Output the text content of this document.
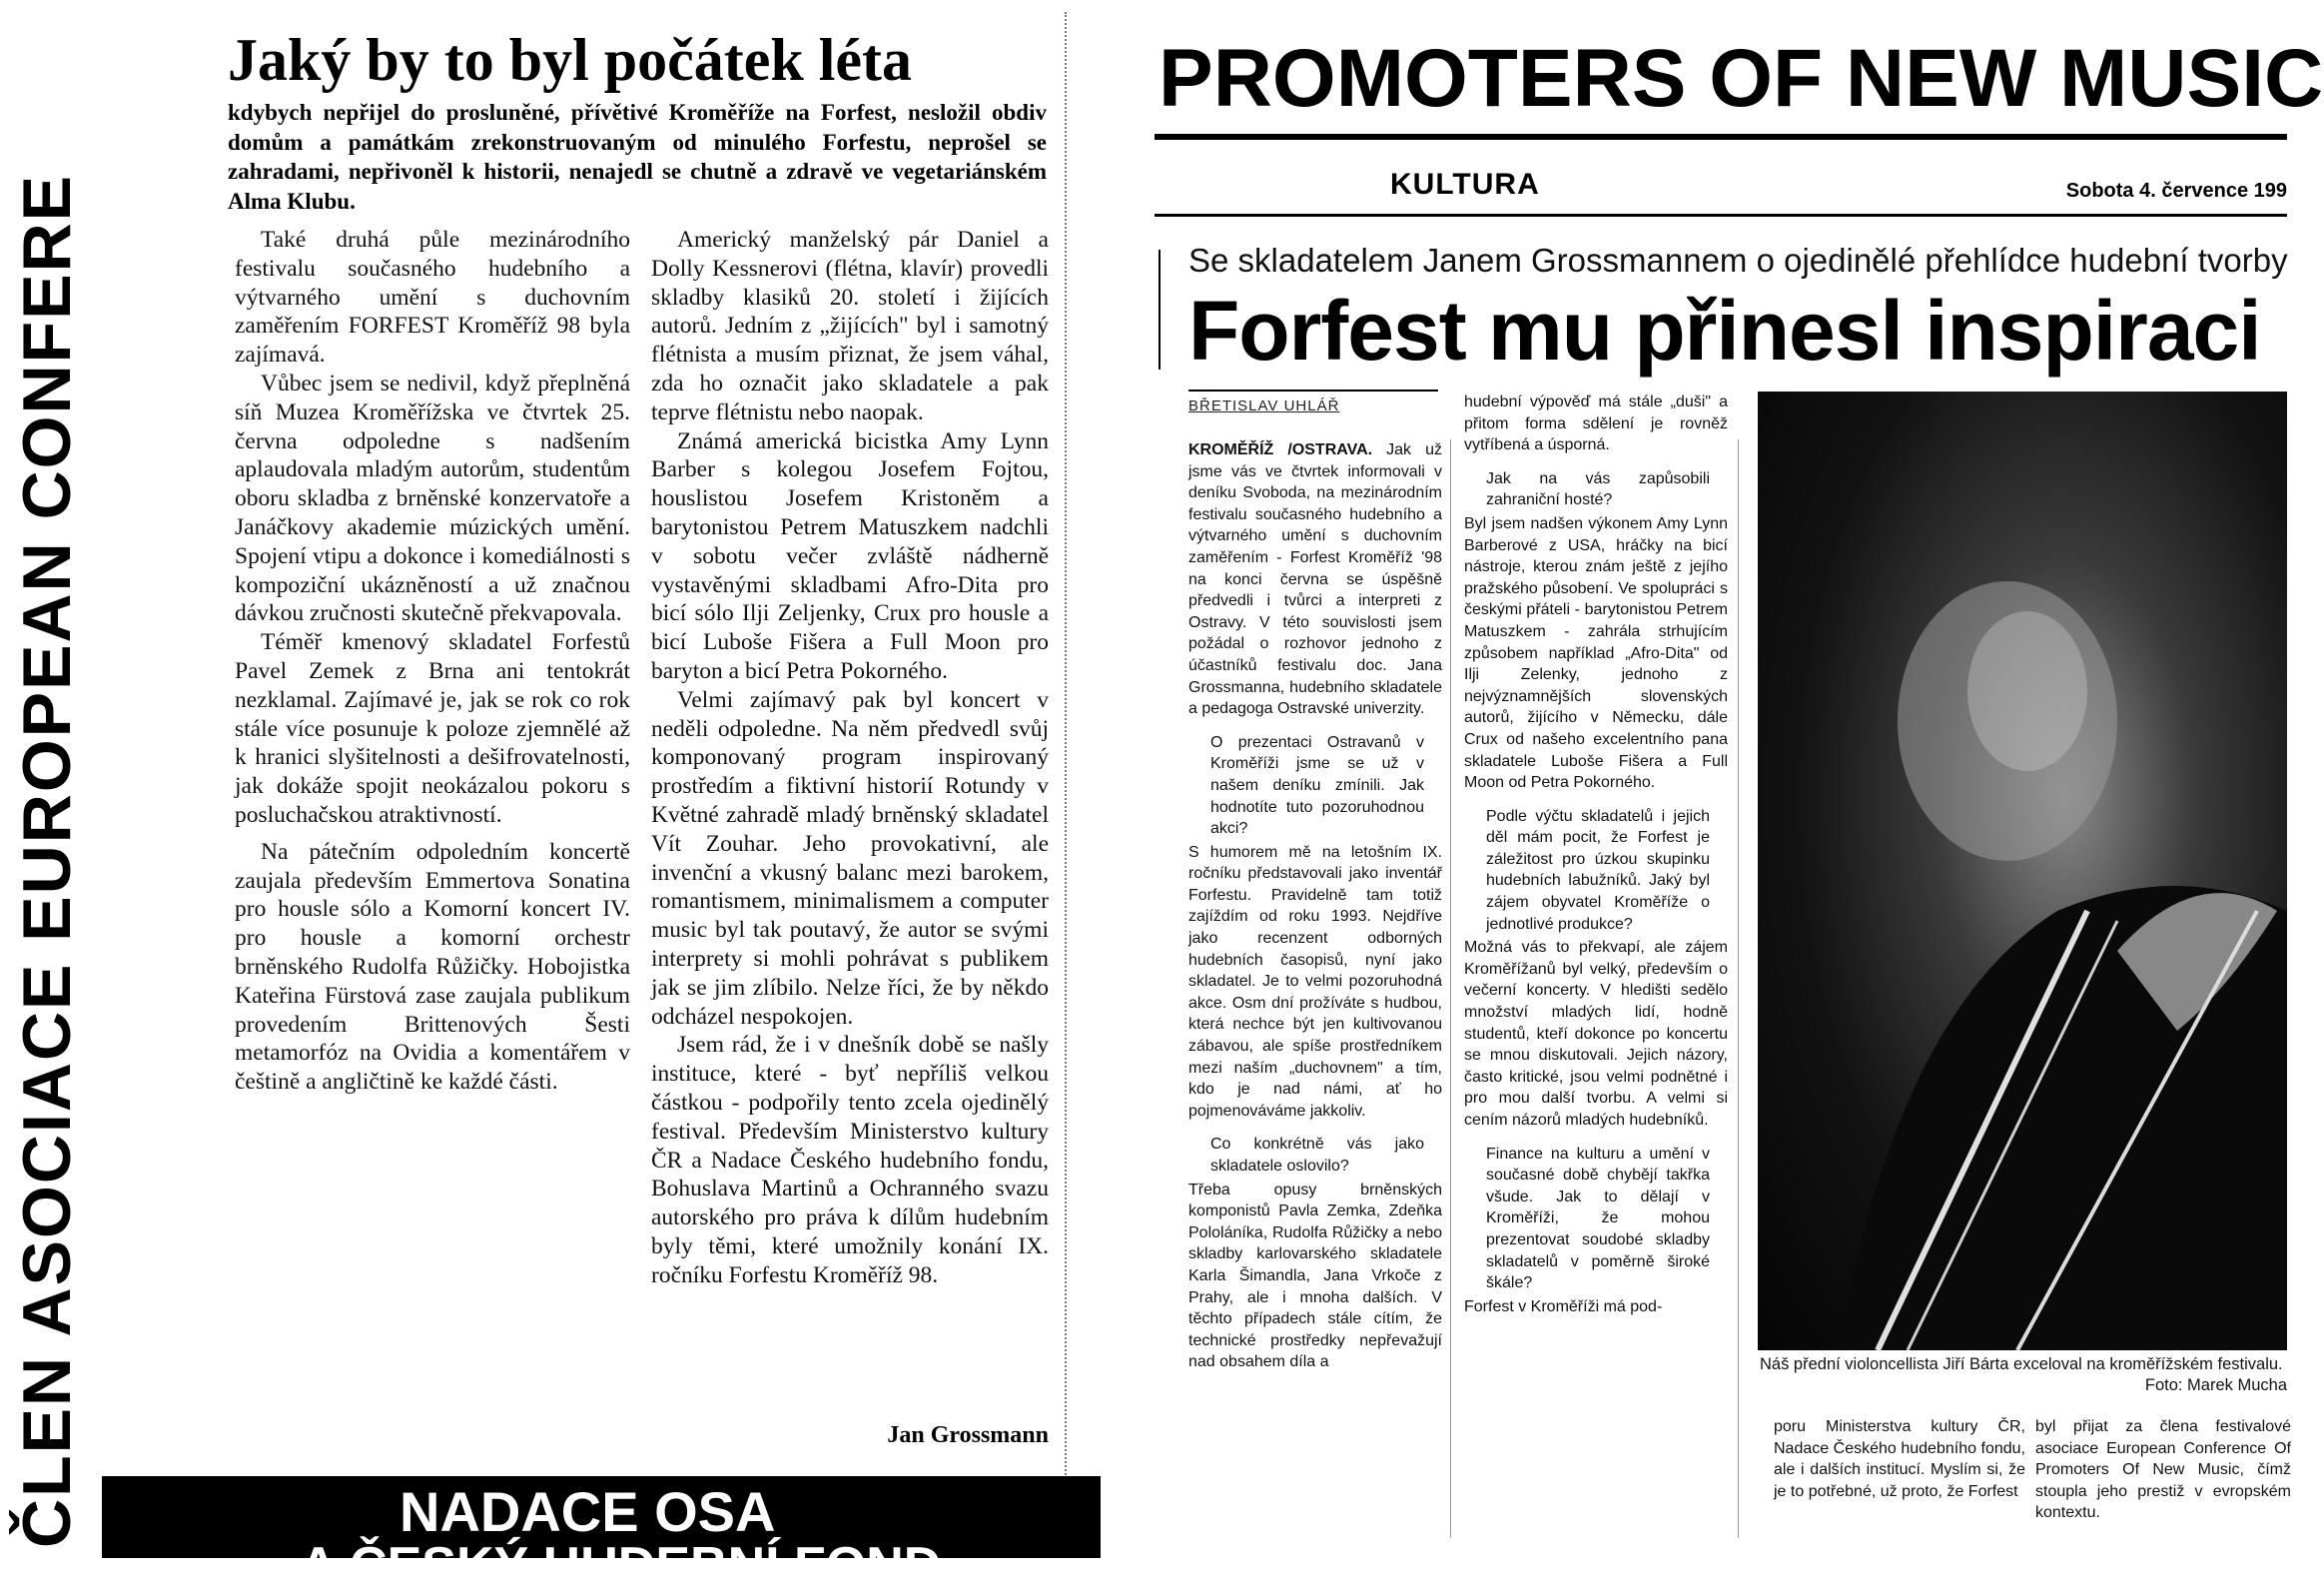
ČLEN ASOCIACE EUROPEAN CONFERE
Jaký by to byl počátek léta

kdybych nepřijel do prosluněné, přívětivé Kroměříže na Forfest, nesložil obdiv domům a památkám zrekonstruovaným od minulého Forfestu, neprošel se zahradami, nepřivoněl k historii, nenajedl se chutně a zdravě ve vegetariánském Alma Klubu.

Také druhá půle mezinárodního festivalu současného hudebního a výtvarného umění s duchovním zaměřením FORFEST Kroměříž 98 byla zajímavá.

Vůbec jsem se nedivil, když přeplněná síň Muzea Kroměřížska ve čtvrtek 25. června odpoledne s nadšením aplaudovala mladým autorům, studentům oboru skladba z brněnské konzervatoře a Janáčkovy akademie múzických umění. Spojení vtipu a dokonce i komediálnosti s kompoziční ukázněností a už značnou dávkou zručnosti skutečně překvapovala.

Téměř kmenový skladatel Forfestů Pavel Zemek z Brna ani tentokrát nezklamal. Zajímavé je, jak se rok co rok stále více posunuje k poloze zjemnělé až k hranici slyšitelnosti a dešifrovatelnosti, jak dokáže spojit neokázalou pokoru s posluchačskou atraktivností.

Na pátečním odpoledním koncertě zaujala především Emmertova Sonatina pro housle sólo a Komorní koncert IV. pro housle a komorní orchestr brněnského Rudolfa Růžičky. Hobojistka Kateřina Fürstová zase zaujala publikum provedením Brittenových Šesti metamorfóz na Ovidia a komentářem v češtině a angličtině ke každé části.

Americký manželský pár Daniel a Dolly Kessnerovi (flétna, klavír) provedli skladby klasiků 20. století i žijících autorů. Jedním z „žijících" byl i samotný flétnista a musím přiznat, že jsem váhal, zda ho označit jako skladatele a pak teprve flétnistu nebo naopak.

Známá americká bicistka Amy Lynn Barber s kolegou Josefem Fojtou, houslistou Josefem Kristoněm a barytonistou Petrem Matuszkem nadchli v sobotu večer zvláště nádherně vystavěnými skladbami Afro-Dita pro bicí sólo Ilji Zeljenky, Crux pro housle a bicí Luboše Fišera a Full Moon pro baryton a bicí Petra Pokorného.

Velmi zajímavý pak byl koncert v neděli odpoledne. Na něm předvedl svůj komponovaný program inspirovaný prostředím a fiktivní historií Rotundy v Květné zahradě mladý brněnský skladatel Vít Zouhar. Jeho provokativní, ale invenční a vkusný balanc mezi barokem, romantismem, minimalismem a computer music byl tak poutavý, že autor se svými interprety si mohli pohrávat s publikem jak se jim zlíbilo. Nelze říci, že by někdo odcházel nespokojen.

Jsem rád, že i v dnešník době se našly instituce, které - byť nepříliš velkou částkou - podpořily tento zcela ojedinělý festival. Především Ministerstvo kultury ČR a Nadace Českého hudebního fondu, Bohuslava Martinů a Ochranného svazu autorského pro práva k dílům hudebním byly těmi, které umožnily konání IX. ročníku Forfestu Kroměříž 98.

Jan Grossmann
NADACE OSA
A ČESKÝ HUDEBNÍ FOND
PROMOTERS OF NEW MUSIC
KULTURA	Sobota 4. července 199
Se skladatelem Janem Grossmannem o ojedinělé přehlídce hudební tvorby
Forfest mu přinesl inspiraci
BŘETISLAV UHLÁŘ

KROMĚŘÍŽ /OSTRAVA. Jak už jsme vás ve čtvrtek informovali v deníku Svoboda, na mezinárodním festivalu současného hudebního a výtvarného umění s duchovním zaměřením - Forfest Kroměříž '98 na konci června se úspěšně předvedli i tvůrci a interpreti z Ostravy. V této souvislosti jsem požádal o rozhovor jednoho z účastníků festivalu doc. Jana Grossmanna, hudebního skladatele a pedagoga Ostravské univerzity.

O prezentaci Ostravanů v Kroměříži jsme se už v našem deníku zmínili. Jak hodnotíte tuto pozoruhodnou akci?

S humorem mě na letošním IX. ročníku představovali jako inventář Forfestu. Pravidelně tam totiž zajíždím od roku 1993. Nejdříve jako recenzent odborných hudebních časopisů, nyní jako skladatel. Je to velmi pozoruhodná akce. Osm dní prožíváte s hudbou, která nechce být jen kultivovanou zábavou, ale spíše prostředníkem mezi naším „duchovnem" a tím, kdo je nad námi, ať ho pojmenováváme jakkoliv.

Co konkrétně vás jako skladatele oslovilo?

Třeba opusy brněnských komponistů Pavla Zemka, Zdeňka Pololáníka, Rudolfa Růžičky a nebo skladby karlovarského skladatele Karla Šimandla, Jana Vrkoče z Prahy, ale i mnoha dalších. V těchto případech stále cítím, že technické prostředky nepřevažují nad obsahem díla a

hudební výpověď má stále „duši" a přitom forma sdělení je rovněž vytříbená a úsporná.

Jak na vás zapůsobili zahraniční hosté?

Byl jsem nadšen výkonem Amy Lynn Barberové z USA, hráčky na bicí nástroje, kterou znám ještě z jejího pražského působení. Ve spolupráci s českými přáteli - barytonistou Petrem Matuszkem - zahrála strhujícím způsobem například „Afro-Dita" od Ilji Zelenky, jednoho z nejvýznamnějších slovenských autorů, žijícího v Německu, dále Crux od našeho excelentního pana skladatele Luboše Fišera a Full Moon od Petra Pokorného.

Podle výčtu skladatelů i jejich děl mám pocit, že Forfest je záležitost pro úzkou skupinku hudebních labužníků. Jaký byl zájem obyvatel Kroměříže o jednotlivé produkce?

Možná vás to překvapí, ale zájem Kroměřížanů byl velký, především o večerní koncerty. V hledišti sedělo množství mladých lidí, hodně studentů, kteří dokonce po koncertu se mnou diskutovali. Jejich názory, často kritické, jsou velmi podnětné i pro mou další tvorbu. A velmi si cením názorů mladých hudebníků.

Finance na kulturu a umění v současné době chybějí takřka všude. Jak to dělají v Kroměříži, že mohou prezentovat soudobé skladby skladatelů v poměrně široké škále?

Forfest v Kroměříži má pod-

Náš přední violoncellista Jiří Bárta exceloval na kroměřížském festivalu.
Foto: Marek Mucha

poru Ministerstva kultury ČR, Nadace Českého hudebního fondu, ale i dalších institucí. Myslím si, že je to potřebné, už proto, že Forfest

byl přijat za člena festivalové asociace European Conference Of Promoters Of New Music, čímž stoupla jeho prestiž v evropském kontextu.
